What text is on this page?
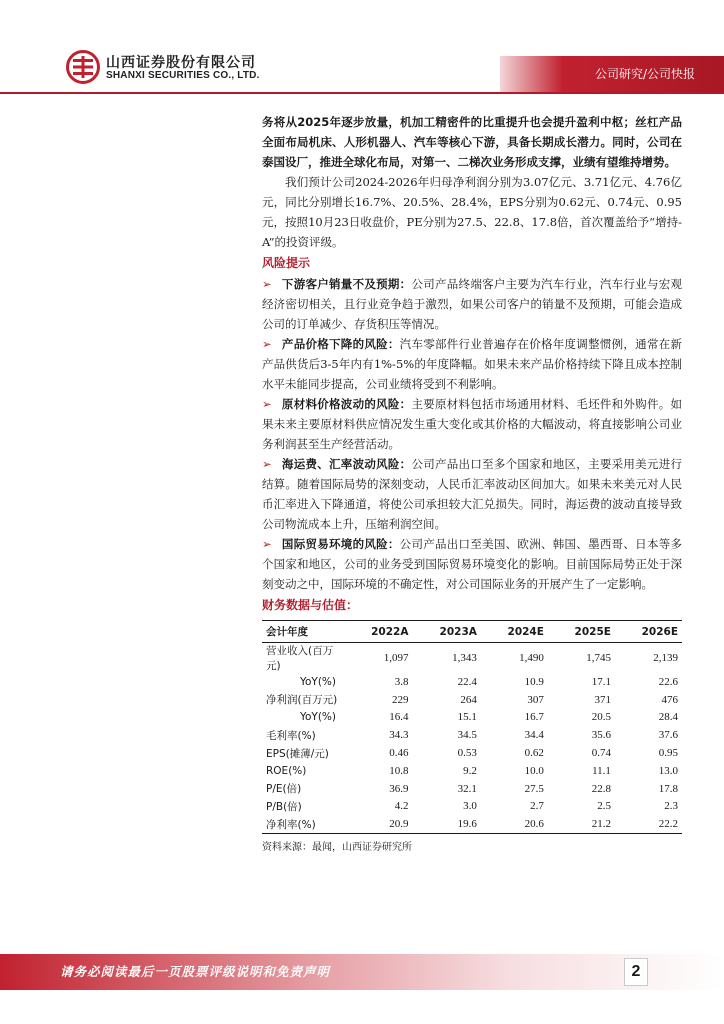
山西证券股份有限公司
SHANXI SECURITIES CO., LTD.	公司研究/公司快报

务将从2025年逐步放量，机加工精密件的比重提升也会提升盈利中枢；丝杠产品全面布局机床、人形机器人、汽车等核心下游，具备长期成长潜力。同时，公司在泰国设厂，推进全球化布局，对第一、二梯次业务形成支撑，业绩有望维持增势。

我们预计公司2024-2026年归母净利润分别为3.07亿元、3.71亿元、4.76亿元，同比分别增长16.7%、20.5%、28.4%，EPS分别为0.62元、0.74元、0.95元，按照10月23日收盘价，PE分别为27.5、22.8、17.8倍，首次覆盖给予“增持-A”的投资评级。

风险提示

➢ 下游客户销量不及预期：公司产品终端客户主要为汽车行业，汽车行业与宏观经济密切相关，且行业竞争趋于激烈，如果公司客户的销量不及预期，可能会造成公司的订单减少、存货积压等情况。

➢ 产品价格下降的风险：汽车零部件行业普遍存在价格年度调整惯例，通常在新产品供货后3-5年内有1%-5%的年度降幅。如果未来产品价格持续下降且成本控制水平未能同步提高，公司业绩将受到不利影响。

➢ 原材料价格波动的风险：主要原材料包括市场通用材料、毛坯件和外购件。如果未来主要原材料供应情况发生重大变化或其价格的大幅波动，将直接影响公司业务利润甚至生产经营活动。

➢ 海运费、汇率波动风险：公司产品出口至多个国家和地区，主要采用美元进行结算。随着国际局势的深刻变动，人民币汇率波动区间加大。如果未来美元对人民币汇率进入下降通道，将使公司承担较大汇兑损失。同时，海运费的波动直接导致公司物流成本上升，压缩利润空间。

➢ 国际贸易环境的风险：公司产品出口至美国、欧洲、韩国、墨西哥、日本等多个国家和地区，公司的业务受到国际贸易环境变化的影响。目前国际局势正处于深刻变动之中，国际环境的不确定性，对公司国际业务的开展产生了一定影响。

财务数据与估值：
会计年度	2022A	2023A	2024E	2025E	2026E
营业收入(百万元)	1,097	1,343	1,490	1,745	2,139
YoY(%)	3.8	22.4	10.9	17.1	22.6
净利润(百万元)	229	264	307	371	476
YoY(%)	16.4	15.1	16.7	20.5	28.4
毛利率(%)	34.3	34.5	34.4	35.6	37.6
EPS(摊薄/元)	0.46	0.53	0.62	0.74	0.95
ROE(%)	10.8	9.2	10.0	11.1	13.0
P/E(倍)	36.9	32.1	27.5	22.8	17.8
P/B(倍)	4.2	3.0	2.7	2.5	2.3
净利率(%)	20.9	19.6	20.6	21.2	22.2
资料来源：最闻，山西证券研究所
请务必阅读最后一页股票评级说明和免责声明	2
